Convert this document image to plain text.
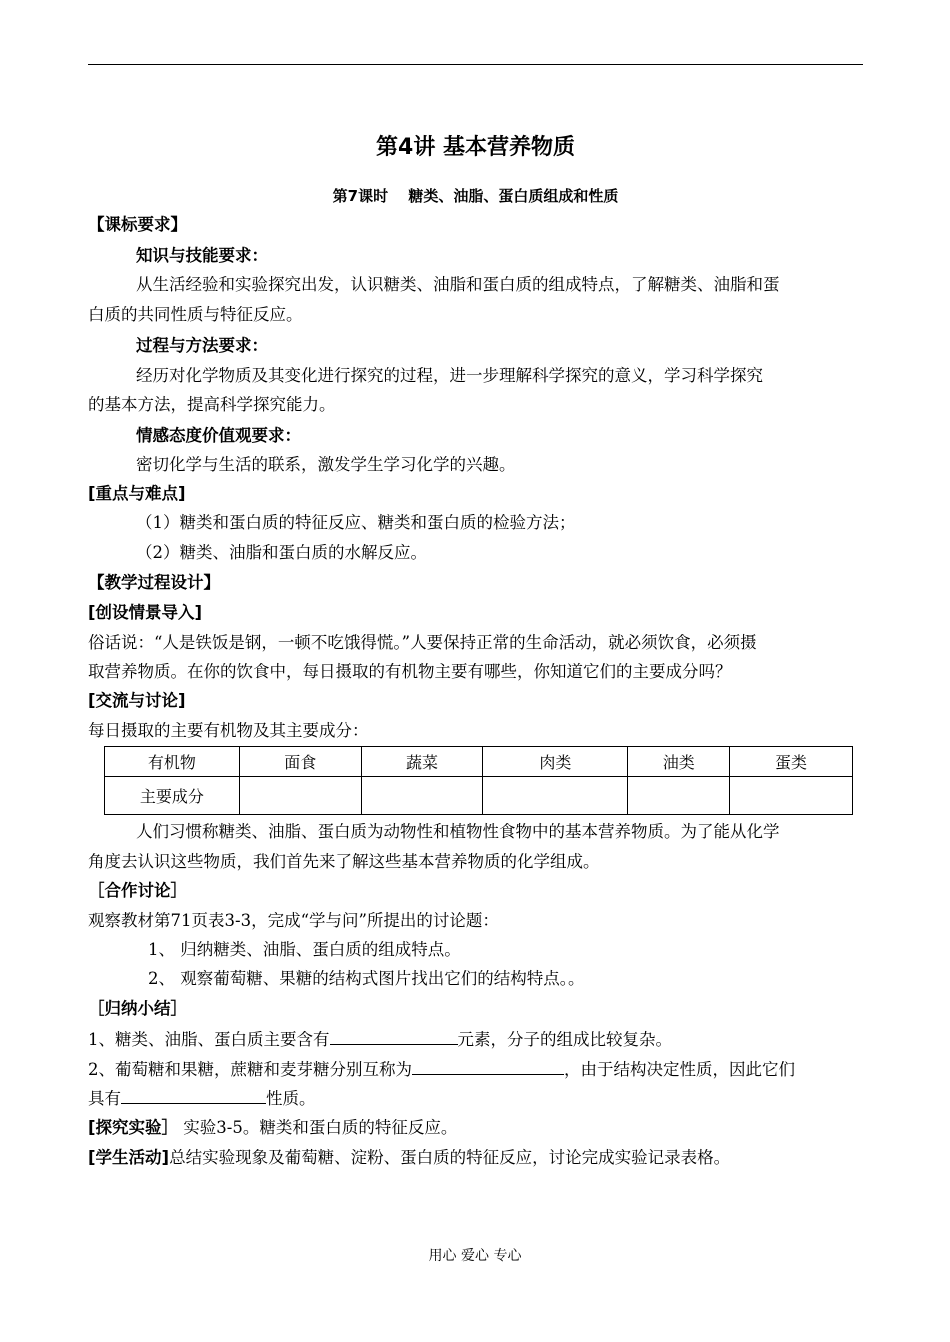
第4讲 基本营养物质
第7课时　 糖类、油脂、蛋白质组成和性质
【课标要求】
知识与技能要求：
从生活经验和实验探究出发，认识糖类、油脂和蛋白质的组成特点，了解糖类、油脂和蛋
白质的共同性质与特征反应。
过程与方法要求：
经历对化学物质及其变化进行探究的过程，进一步理解科学探究的意义，学习科学探究
的基本方法，提高科学探究能力。
情感态度价值观要求：
密切化学与生活的联系，激发学生学习化学的兴趣。
[重点与难点]
（1）糖类和蛋白质的特征反应、糖类和蛋白质的检验方法；
（2）糖类、油脂和蛋白质的水解反应。
【教学过程设计】
[创设情景导入]
俗话说：“人是铁饭是钢，一顿不吃饿得慌。”人要保持正常的生命活动，就必须饮食，必须摄
取营养物质。在你的饮食中，每日摄取的有机物主要有哪些，你知道它们的主要成分吗？
[交流与讨论]
每日摄取的主要有机物及其主要成分：
有机物	面食	蔬菜	肉类	油类	蛋类
主要成分					
人们习惯称糖类、油脂、蛋白质为动物性和植物性食物中的基本营养物质。为了能从化学
角度去认识这些物质，我们首先来了解这些基本营养物质的化学组成。
［合作讨论］
观察教材第71页表3-3，完成“学与问”所提出的讨论题：
1、 归纳糖类、油脂、蛋白质的组成特点。
2、 观察葡萄糖、果糖的结构式图片找出它们的结构特点。。
［归纳小结］
1、糖类、油脂、蛋白质主要含有	元素，分子的组成比较复杂。
2、葡萄糖和果糖，蔗糖和麦芽糖分别互称为	，由于结构决定性质，因此它们
具有	性质。
[探究实验］ 实验3-5。糖类和蛋白质的特征反应。
[学生活动]总结实验现象及葡萄糖、淀粉、蛋白质的特征反应，讨论完成实验记录表格。
用心 爱心 专心
